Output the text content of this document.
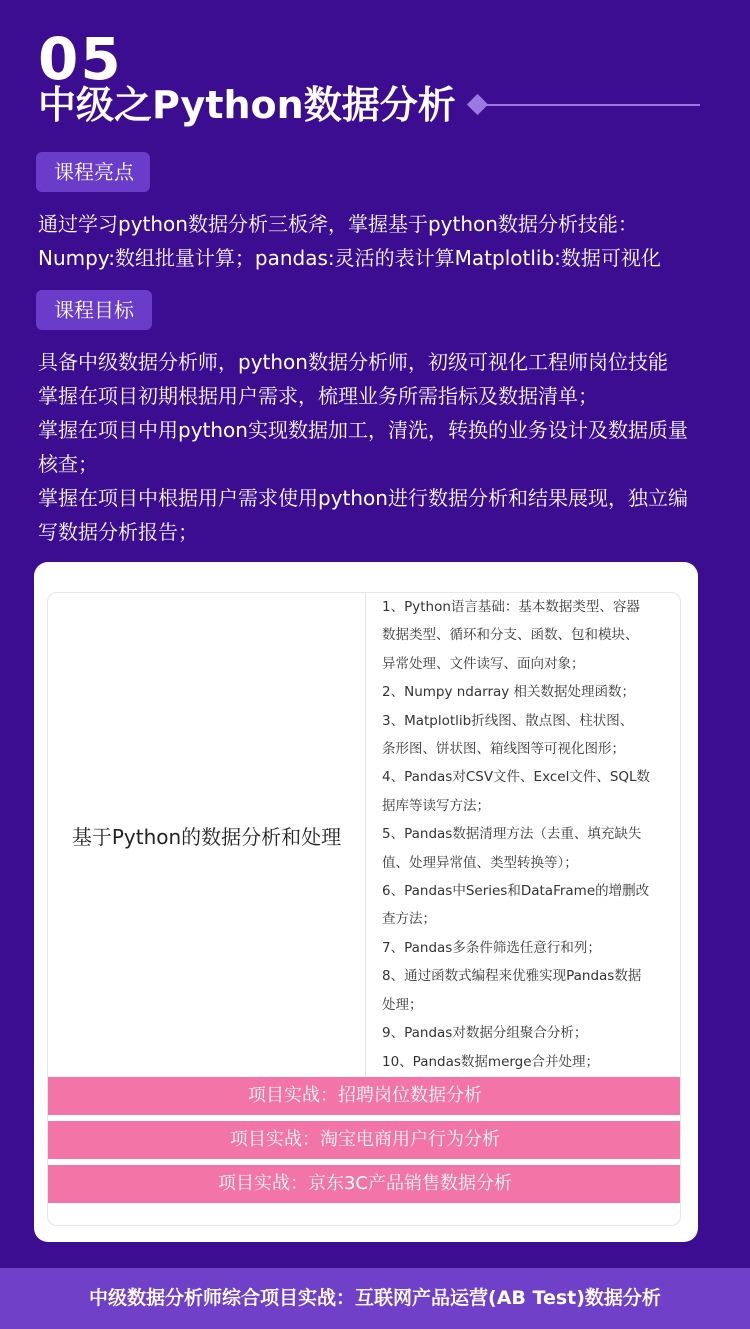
05
中级之Python数据分析
课程亮点
通过学习python数据分析三板斧，掌握基于python数据分析技能：
Numpy:数组批量计算；pandas:灵活的表计算Matplotlib:数据可视化
课程目标
具备中级数据分析师，python数据分析师，初级可视化工程师岗位技能
掌握在项目初期根据用户需求，梳理业务所需指标及数据清单；
掌握在项目中用python实现数据加工，清洗，转换的业务设计及数据质量
核查；
掌握在项目中根据用户需求使用python进行数据分析和结果展现，独立编
写数据分析报告；
基于Python的数据分析和处理
1、Python语言基础：基本数据类型、容器
数据类型、循环和分支、函数、包和模块、
异常处理、文件读写、面向对象；
2、Numpy ndarray 相关数据处理函数；
3、Matplotlib折线图、散点图、柱状图、
条形图、饼状图、箱线图等可视化图形；
4、Pandas对CSV文件、Excel文件、SQL数
据库等读写方法；
5、Pandas数据清理方法（去重、填充缺失
值、处理异常值、类型转换等）；
6、Pandas中Series和DataFrame的增删改
查方法；
7、Pandas多条件筛选任意行和列；
8、通过函数式编程来优雅实现Pandas数据
处理；
9、Pandas对数据分组聚合分析；
10、Pandas数据merge合并处理；
项目实战：招聘岗位数据分析
项目实战：淘宝电商用户行为分析
项目实战：京东3C产品销售数据分析
中级数据分析师综合项目实战：互联网产品运营(AB Test)数据分析
